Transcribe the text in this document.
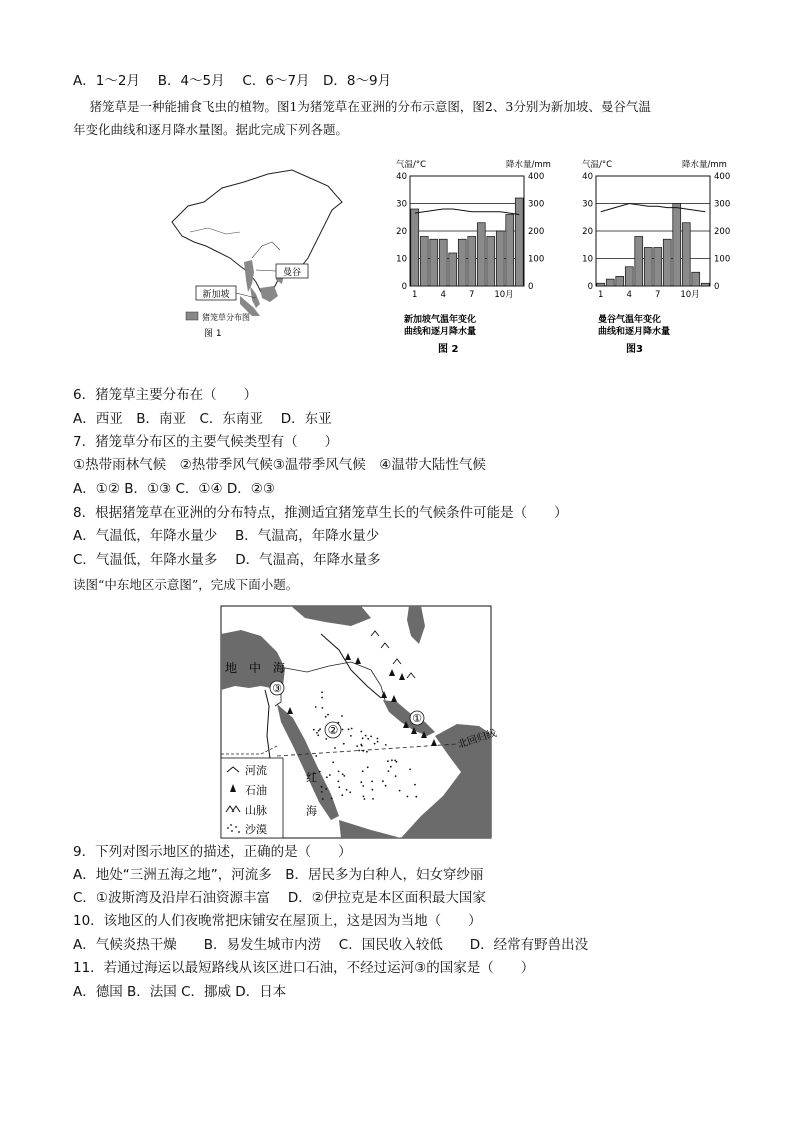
A．1～2月　 B．4～5月　 C．6～7月　D．8～9月
　 猪笼草是一种能捕食飞虫的植物。图1为猪笼草在亚洲的分布示意图，图2、3分别为新加坡、曼谷气温
年变化曲线和逐月降水量图。据此完成下列各题。
曼谷
新加坡
猪笼草分布图
图 1
气温/°C	降水量/mm
40
30
20
10
0
400
300
200
100
0
1	4	7 10月
新加坡气温年变化
曲线和逐月降水量
图 2
气温/°C	降水量/mm
40
30
20
10
0
400
300
200
100
0
1	4	7 10月
曼谷气温年变化
曲线和逐月降水量
图3
6．猪笼草主要分布在（　　）
A．西亚　B．南亚　C．东南亚　 D．东亚
7．猪笼草分布区的主要气候类型有（　　）
①热带雨林气候　②热带季风气候③温带季风气候　④温带大陆性气候
A．①② B．①③ C．①④ D．②③
8．根据猪笼草在亚洲的分布特点，推测适宜猪笼草生长的气候条件可能是（　　）
A．气温低，年降水量少　 B．气温高，年降水量少
C．气温低，年降水量多　 D．气温高，年降水量多
读图“中东地区示意图”，完成下面小题。
北回归线
地　中　海
红　　海
③
①
②
河流
石油
山脉
沙漠
9．下列对图示地区的描述，正确的是（　　）
A．地处“三洲五海之地”，河流多　B．居民多为白种人，妇女穿纱丽
C．①波斯湾及沿岸石油资源丰富　 D．②伊拉克是本区面积最大国家
10．该地区的人们夜晚常把床铺安在屋顶上，这是因为当地（　　）
A．气候炎热干燥　　B．易发生城市内涝　 C．国民收入较低　　D．经常有野兽出没
11．若通过海运以最短路线从该区进口石油，不经过运河③的国家是（　　）
A．德国 B．法国 C．挪威 D．日本
